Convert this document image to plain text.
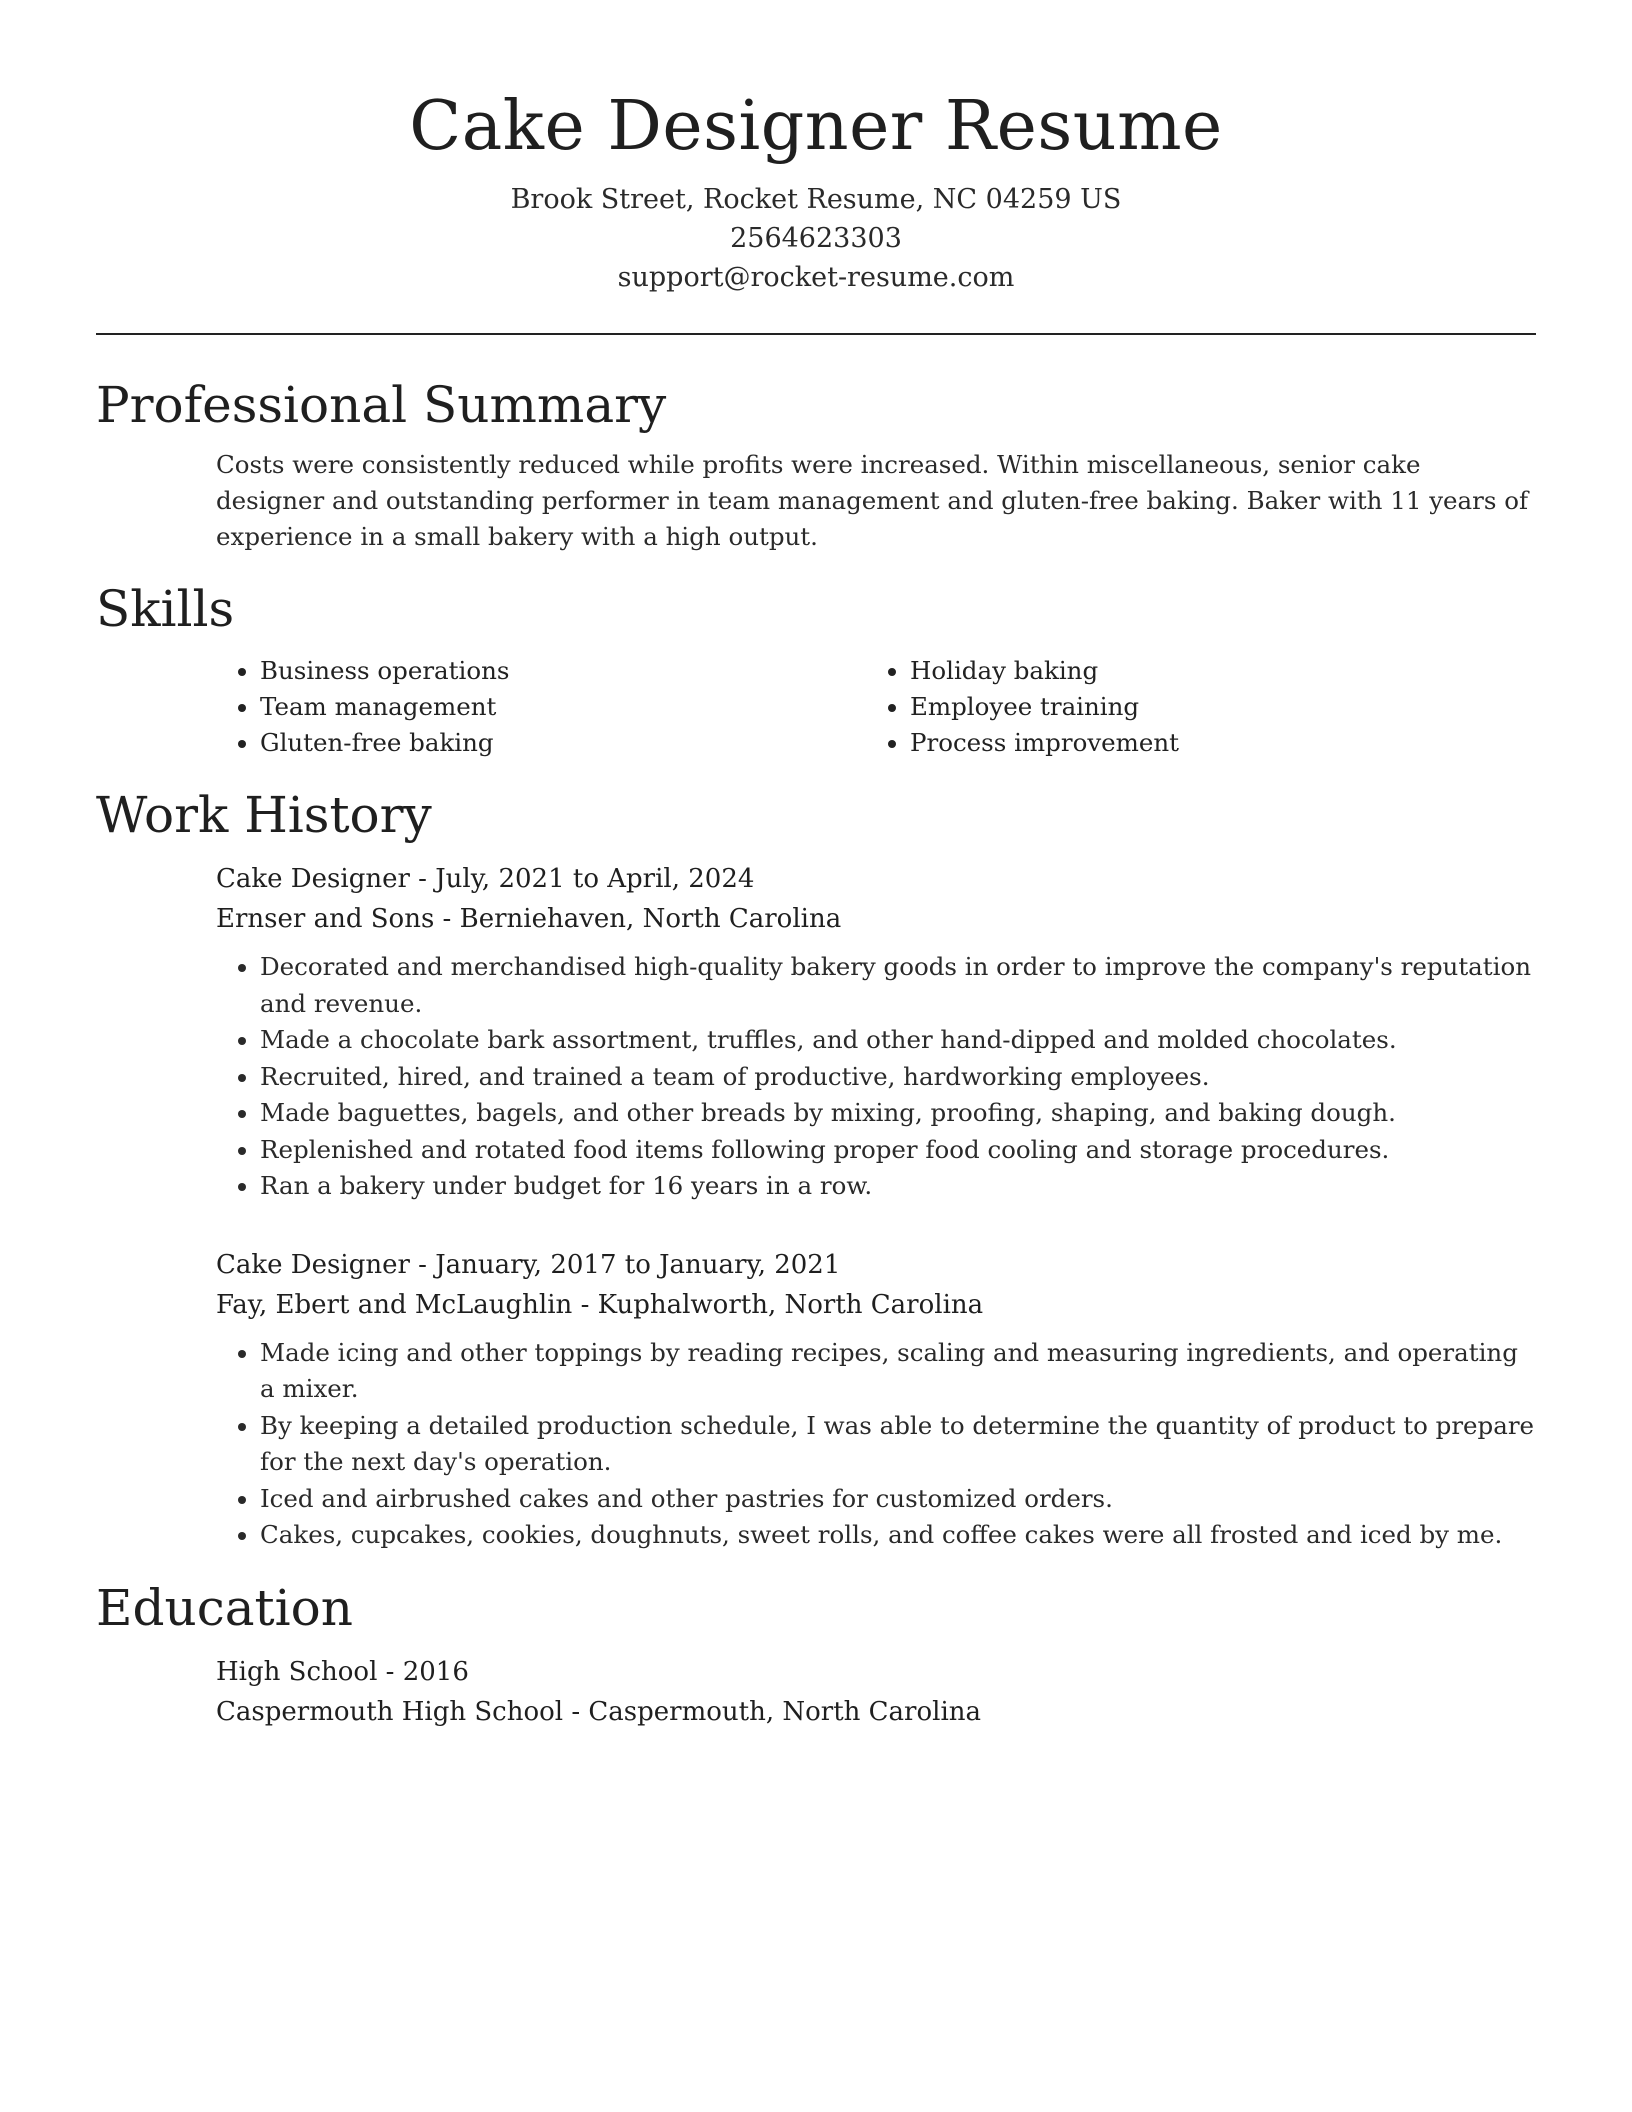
Cake Designer Resume
Brook Street, Rocket Resume, NC 04259 US
2564623303
support@rocket-resume.com
Professional Summary
Costs were consistently reduced while profits were increased. Within miscellaneous, senior cake designer and outstanding performer in team management and gluten-free baking. Baker with 11 years of experience in a small bakery with a high output.
Skills
• Business operations
• Team management
• Gluten-free baking
• Holiday baking
• Employee training
• Process improvement
Work History
Cake Designer - July, 2021 to April, 2024
Ernser and Sons - Berniehaven, North Carolina
• Decorated and merchandised high-quality bakery goods in order to improve the company's reputation and revenue.
• Made a chocolate bark assortment, truffles, and other hand-dipped and molded chocolates.
• Recruited, hired, and trained a team of productive, hardworking employees.
• Made baguettes, bagels, and other breads by mixing, proofing, shaping, and baking dough.
• Replenished and rotated food items following proper food cooling and storage procedures.
• Ran a bakery under budget for 16 years in a row.
Cake Designer - January, 2017 to January, 2021
Fay, Ebert and McLaughlin - Kuphalworth, North Carolina
• Made icing and other toppings by reading recipes, scaling and measuring ingredients, and operating a mixer.
• By keeping a detailed production schedule, I was able to determine the quantity of product to prepare for the next day's operation.
• Iced and airbrushed cakes and other pastries for customized orders.
• Cakes, cupcakes, cookies, doughnuts, sweet rolls, and coffee cakes were all frosted and iced by me.
Education
High School - 2016
Caspermouth High School - Caspermouth, North Carolina
